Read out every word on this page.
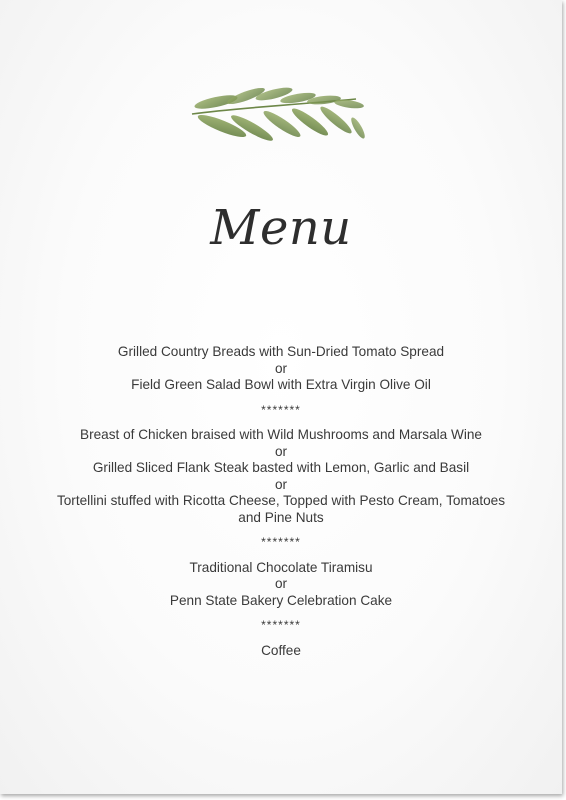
Menu
Grilled Country Breads with Sun-Dried Tomato Spread
or
Field Green Salad Bowl with Extra Virgin Olive Oil
*******
Breast of Chicken braised with Wild Mushrooms and Marsala Wine
or
Grilled Sliced Flank Steak basted with Lemon, Garlic and Basil
or
Tortellini stuffed with Ricotta Cheese, Topped with Pesto Cream, Tomatoes
and Pine Nuts
*******
Traditional Chocolate Tiramisu
or
Penn State Bakery Celebration Cake
*******
Coffee
